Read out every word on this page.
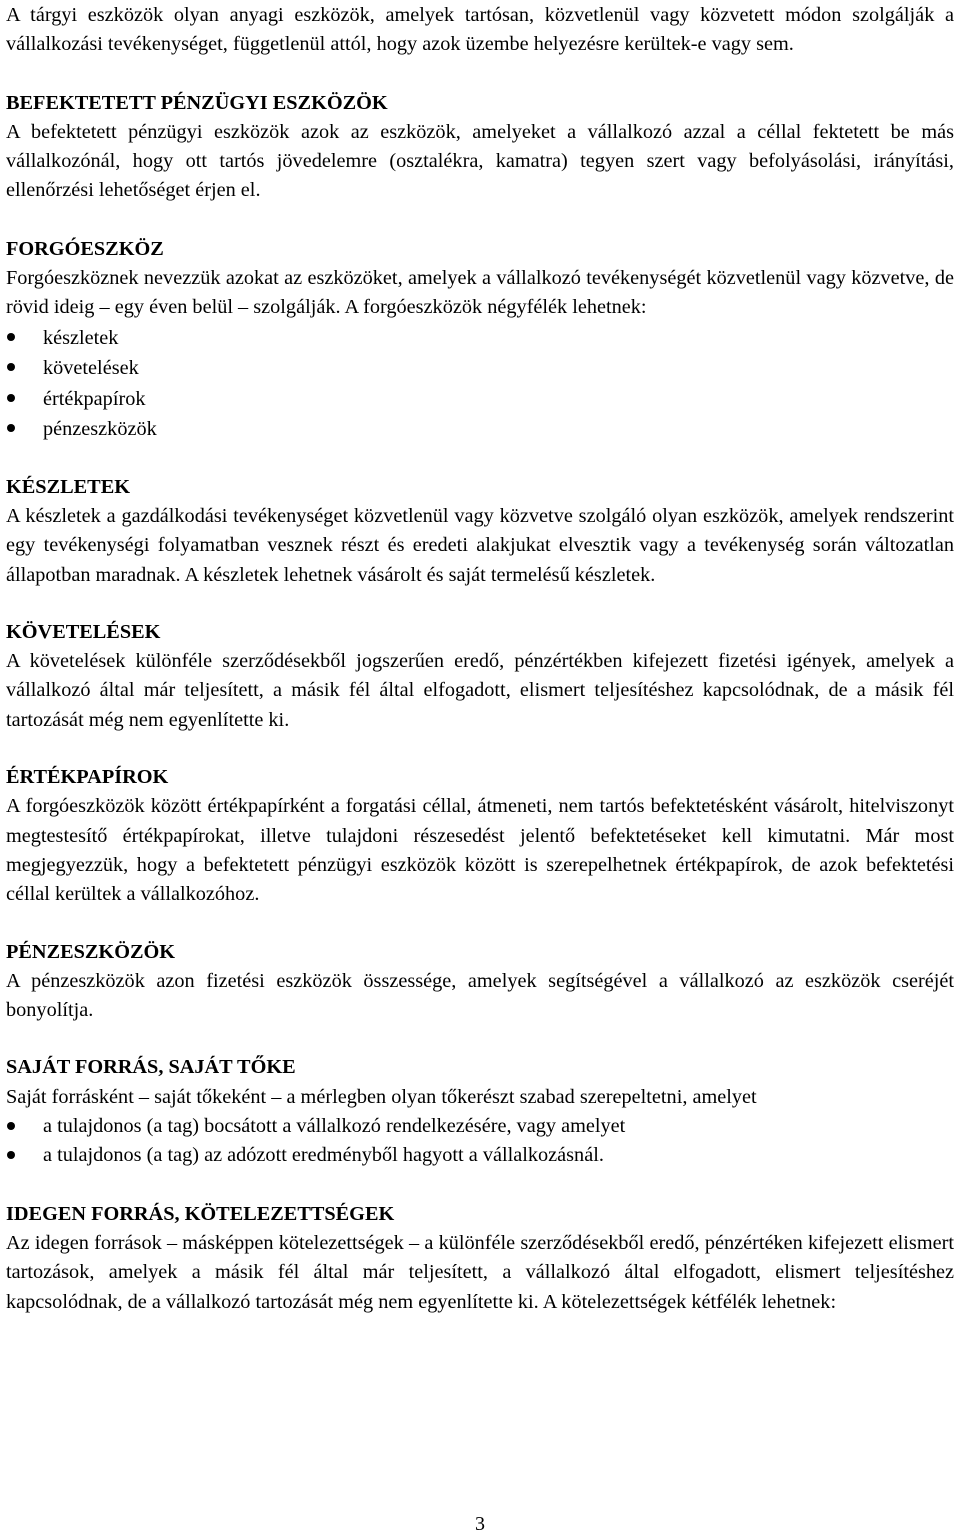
A tárgyi eszközök olyan anyagi eszközök, amelyek tartósan, közvetlenül vagy közvetett módon szolgálják a vállalkozási tevékenységet, függetlenül attól, hogy azok üzembe helyezésre kerültek-e vagy sem.

BEFEKTETETT PÉNZÜGYI ESZKÖZÖK

A befektetett pénzügyi eszközök azok az eszközök, amelyeket a vállalkozó azzal a céllal fektetett be más vállalkozónál, hogy ott tartós jövedelemre (osztalékra, kamatra) tegyen szert vagy befolyásolási, irányítási, ellenőrzési lehetőséget érjen el.

FORGÓESZKÖZ

Forgóeszköznek nevezzük azokat az eszközöket, amelyek a vállalkozó tevékenységét közvetlenül vagy közvetve, de rövid ideig – egy éven belül – szolgálják. A forgóeszközök négyfélék lehetnek:

készletek
követelések
értékpapírok
pénzeszközök
KÉSZLETEK

A készletek a gazdálkodási tevékenységet közvetlenül vagy közvetve szolgáló olyan eszközök, amelyek rendszerint egy tevékenységi folyamatban vesznek részt és eredeti alakjukat elvesztik vagy a tevékenység során változatlan állapotban maradnak. A készletek lehetnek vásárolt és saját termelésű készletek.

KÖVETELÉSEK

A követelések különféle szerződésekből jogszerűen eredő, pénzértékben kifejezett fizetési igények, amelyek a vállalkozó által már teljesített, a másik fél által elfogadott, elismert teljesítéshez kapcsolódnak, de a másik fél tartozását még nem egyenlítette ki.

ÉRTÉKPAPÍROK

A forgóeszközök között értékpapírként a forgatási céllal, átmeneti, nem tartós befektetésként vásárolt, hitelviszonyt megtestesítő értékpapírokat, illetve tulajdoni részesedést jelentő befektetéseket kell kimutatni. Már most megjegyezzük, hogy a befektetett pénzügyi eszközök között is szerepelhetnek értékpapírok, de azok befektetési céllal kerültek a vállalkozóhoz.

PÉNZESZKÖZÖK

A pénzeszközök azon fizetési eszközök összessége, amelyek segítségével a vállalkozó az eszközök cseréjét bonyolítja.

SAJÁT FORRÁS, SAJÁT TŐKE

Saját forrásként – saját tőkeként – a mérlegben olyan tőkerészt szabad szerepeltetni, amelyet

a tulajdonos (a tag) bocsátott a vállalkozó rendelkezésére, vagy amelyet
a tulajdonos (a tag) az adózott eredményből hagyott a vállalkozásnál.
IDEGEN FORRÁS, KÖTELEZETTSÉGEK

Az idegen források – másképpen kötelezettségek – a különféle szerződésekből eredő, pénzértéken kifejezett elismert tartozások, amelyek a másik fél által már teljesített, a vállalkozó által elfogadott, elismert teljesítéshez kapcsolódnak, de a vállalkozó tartozását még nem egyenlítette ki. A kötelezettségek kétfélék lehetnek:

3
